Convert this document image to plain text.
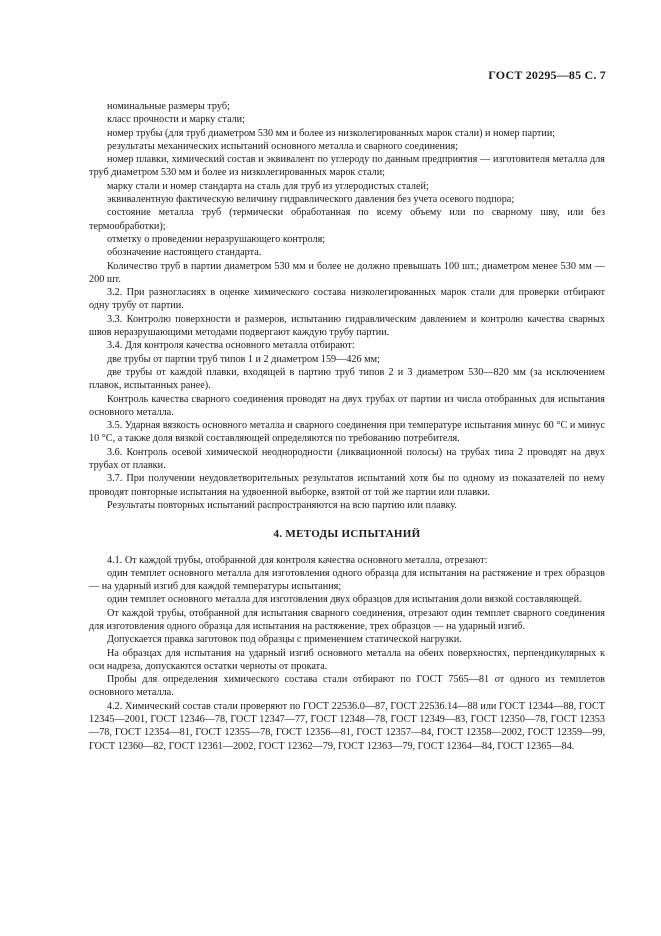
ГОСТ 20295—85 С. 7

номинальные размеры труб;

класс прочности и марку стали;

номер трубы (для труб диаметром 530 мм и более из низколегированных марок стали) и номер партии;

результаты механических испытаний основного металла и сварного соединения;

номер плавки, химический состав и эквивалент по углероду по данным предприятия — изготовителя металла для труб диаметром 530 мм и более из низколегированных марок стали;

марку стали и номер стандарта на сталь для труб из углеродистых сталей;

эквивалентную фактическую величину гидравлического давления без учета осевого подпора;

состояние металла труб (термически обработанная по всему объему или по сварному шву, или без термообработки);

отметку о проведении неразрушающего контроля;

обозначение настоящего стандарта.

Количество труб в партии диаметром 530 мм и более не должно превышать 100 шт.; диаметром менее 530 мм — 200 шт.

3.2. При разногласиях в оценке химического состава низколегированных марок стали для проверки отбирают одну трубу от партии.

3.3. Контролю поверхности и размеров, испытанию гидравлическим давлением и контролю качества сварных швов неразрушающими методами подвергают каждую трубу партии.

3.4. Для контроля качества основного металла отбирают:

две трубы от партии труб типов 1 и 2 диаметром 159—426 мм;

две трубы от каждой плавки, входящей в партию труб типов 2 и 3 диаметром 530—820 мм (за исключением плавок, испытанных ранее).

Контроль качества сварного соединения проводят на двух трубах от партии из числа отобранных для испытания основного металла.

3.5. Ударная вязкость основного металла и сварного соединения при температуре испытания минус 60 °С и минус 10 °С, а также доля вязкой составляющей определяются по требованию потребителя.

3.6. Контроль осевой химической неоднородности (ликвационной полосы) на трубах типа 2 проводят на двух трубах от плавки.

3.7. При получении неудовлетворительных результатов испытаний хотя бы по одному из показателей по нему проводят повторные испытания на удвоенной выборке, взятой от той же партии или плавки.

Результаты повторных испытаний распространяются на всю партию или плавку.

4. МЕТОДЫ ИСПЫТАНИЙ

4.1. От каждой трубы, отобранной для контроля качества основного металла, отрезают:

один темплет основного металла для изготовления одного образца для испытания на растяжение и трех образцов — на ударный изгиб для каждой температуры испытания;

один темплет основного металла для изготовления двух образцов для испытания доли вязкой составляющей.

От каждой трубы, отобранной для испытания сварного соединения, отрезают один темплет сварного соединения для изготовления одного образца для испытания на растяжение, трех образцов — на ударный изгиб.

Допускается правка заготовок под образцы с применением статической нагрузки.

На образцах для испытания на ударный изгиб основного металла на обеих поверхностях, перпендикулярных к оси надреза, допускаются остатки черноты от проката.

Пробы для определения химического состава стали отбирают по ГОСТ 7565—81 от одного из темплетов основного металла.

4.2. Химический состав стали проверяют по ГОСТ 22536.0—87, ГОСТ 22536.14—88 или ГОСТ 12344—88, ГОСТ 12345—2001, ГОСТ 12346—78, ГОСТ 12347—77, ГОСТ 12348—78, ГОСТ 12349—83, ГОСТ 12350—78, ГОСТ 12353—78, ГОСТ 12354—81, ГОСТ 12355—78, ГОСТ 12356—81, ГОСТ 12357—84, ГОСТ 12358—2002, ГОСТ 12359—99, ГОСТ 12360—82, ГОСТ 12361—2002, ГОСТ 12362—79, ГОСТ 12363—79, ГОСТ 12364—84, ГОСТ 12365—84.
